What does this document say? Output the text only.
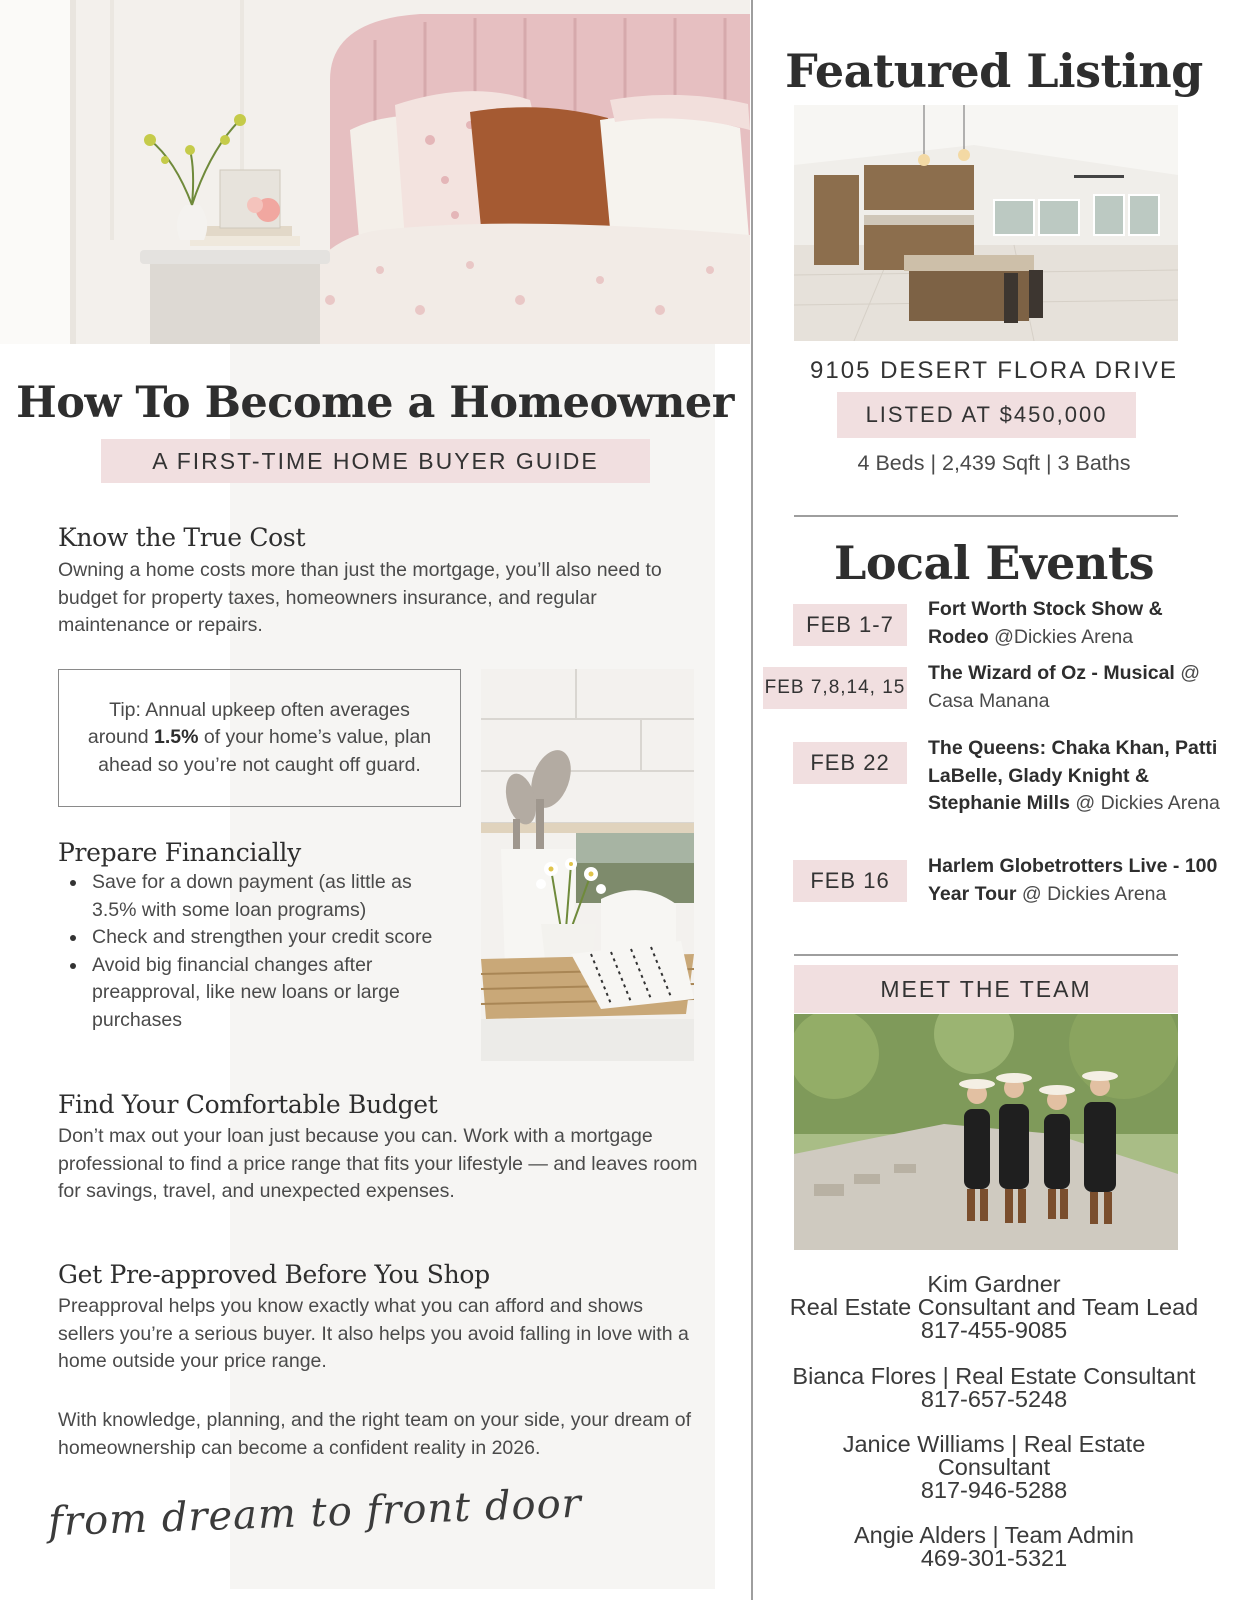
How To Become a Homeowner
A FIRST-TIME HOME BUYER GUIDE
Know the True Cost

Owning a home costs more than just the mortgage, you’ll also need to budget for property taxes, homeowners insurance, and regular maintenance or repairs.

Tip: Annual upkeep often averages around 1.5% of your home’s value, plan ahead so you’re not caught off guard.

Prepare Financially
Save for a down payment (as little as 3.5% with some loan programs)
Check and strengthen your credit score
Avoid big financial changes after preapproval, like new loans or large purchases
Find Your Comfortable Budget

Don’t max out your loan just because you can. Work with a mortgage professional to find a price range that fits your lifestyle — and leaves room for savings, travel, and unexpected expenses.

Get Pre-approved Before You Shop

Preapproval helps you know exactly what you can afford and shows sellers you’re a serious buyer. It also helps you avoid falling in love with a home outside your price range.

With knowledge, planning, and the right team on your side, your dream of homeownership can become a confident reality in 2026.

from dream to front door
Featured Listing
9105 DESERT FLORA DRIVE
LISTED AT $450,000
4 Beds | 2,439 Sqft | 3 Baths
Local Events
FEB 1-7
Fort Worth Stock Show & Rodeo @Dickies Arena
FEB 7,8,14, 15
The Wizard of Oz - Musical @ Casa Manana
FEB 22
The Queens: Chaka Khan, Patti LaBelle, Glady Knight & Stephanie Mills @ Dickies Arena
FEB 16
Harlem Globetrotters Live - 100 Year Tour @ Dickies Arena
MEET THE TEAM
Kim Gardner
Real Estate Consultant and Team Lead
817-455-9085
Bianca Flores | Real Estate Consultant
817-657-5248
Janice Williams | Real Estate
Consultant
817-946-5288
Angie Alders | Team Admin
469-301-5321
